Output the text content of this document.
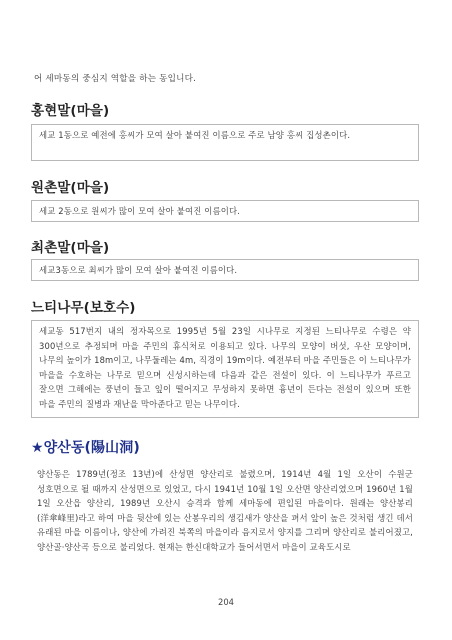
어 세마동의 중심지 역할을 하는 동입니다.
홍현말(마을)

세교 1동으로 예전에 홍씨가 모여 살아 붙여진 이름으로 주로 남양 홍씨 집성촌이다.

원촌말(마을)

세교 2동으로 원씨가 많이 모여 살아 붙여진 이름이다.

최촌말(마을)

세교3동으로 최씨가 많이 모여 살아 붙여진 이름이다.

느티나무(보호수)

세교동 517번지 내의 정자목으로 1995년 5월 23일 시나무로 지정된 느티나무로 수령은 약 300년으로 추정되며 마을 주민의 휴식처로 이용되고 있다. 나무의 모양이 버섯, 우산 모양이며, 나무의 높이가 18m이고, 나무둘레는 4m, 직경이 19m이다. 예전부터 마을 주민들은 이 느티나무가 마을을 수호하는 나무로 믿으며 신성시하는데 다음과 같은 전설이 있다. 이 느티나무가 푸르고 잘으면 그해에는 풍년이 들고 잎이 떨어지고 무성하지 못하면 흉년이 든다는 전설이 있으며 또한 마을 주민의 질병과 재난을 막아준다고 믿는 나무이다.

★양산동(陽山洞)

양산동은 1789년(정조 13년)에 산성면 양산리로 불렸으며, 1914년 4월 1일 오산이 수원군 성호면으로 될 때까지 산성면으로 있었고, 다시 1941년 10월 1일 오산면 양산리였으며 1960년 1월 1일 오산읍 양산리, 1989년 오산시 승격과 함께 세마동에 편입된 마을이다. 원래는 양산봉리(洋傘峰里)라고 하여 마을 뒷산에 있는 산봉우리의 생김새가 양산을 펴서 앞이 높은 것처럼 생긴 데서 유래된 마을 이름이나, 양산에 가려진 북쪽의 마을이라 음지로서 양지를 그리며 양산리로 불리어졌고, 양산골·양산곡 등으로 불리었다. 현재는 한신대학교가 들어서면서 마을이 교육도시로

204
